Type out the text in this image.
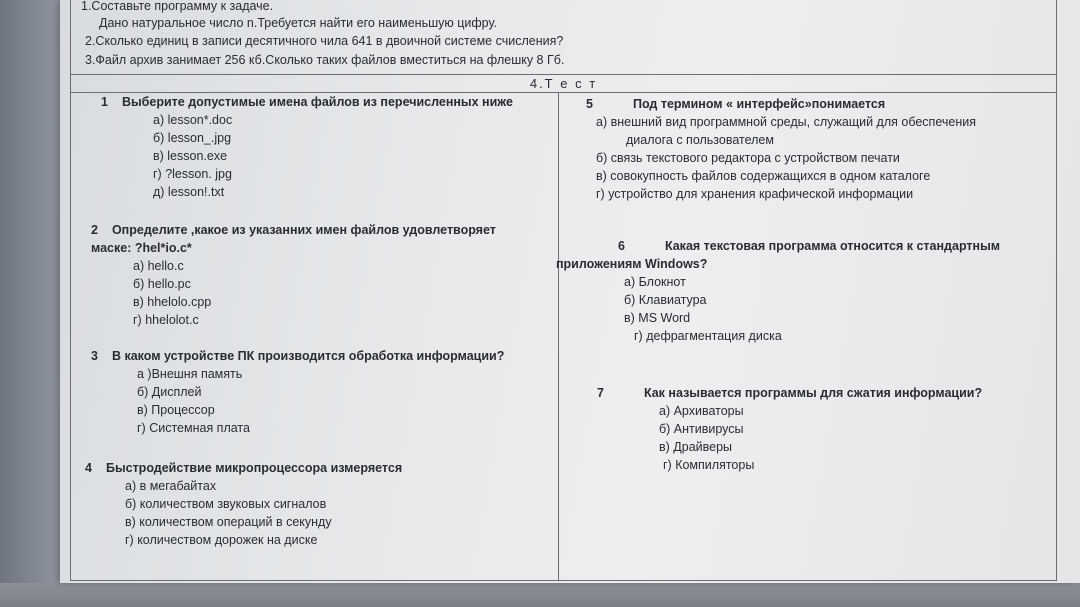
1.Составьте программу к задаче.
Дано натуральное число n.Требуется найти его наименьшую цифру.
2.Сколько единиц в записи десятичного чила 641 в двоичной системе счисления?
3.Файл архив занимает 256 кб.Сколько таких файлов вместиться на флешку 8 Гб.
4.Т е с т
1 Выберите допустимые имена файлов из перечисленных ниже
а) lesson*.doc
б) lesson_.jpg
в) lesson.exe
г) ?lesson. jpg
д) lesson!.txt
2 Определите ,какое из указанних имен файлов удовлетворяет
маске: ?hel*io.c*
а) hello.c
б) hello.pc
в) hhelolo.cpp
г) hhelolot.c
3 В каком устройстве ПК производится обработка информации?
а )Внешня память
б) Дисплей
в) Процессор
г) Системная плата
4 Быстродействие микропроцессора измеряется
а) в мегабайтах
б) количеством звуковых сигналов
в) количеством операций в секунду
г) количеством дорожек на диске
5	Под термином « интерфейс»понимается
а) внешний вид программной среды, служащий для обеспечения
диалога с пользователем
б) связь текстового редактора с устройством печати
в) совокупность файлов содержащихся в одном каталоге
г) устройство для хранения крафической информации
6	Какая текстовая программа относится к стандартным
приложениям Windows?
а) Блокнот
б) Клавиатура
в) MS Word
г) дефрагментация диска
7	Как называется программы для сжатия информации?
а) Архиваторы
б) Антивирусы
в) Драйверы
г) Компиляторы
